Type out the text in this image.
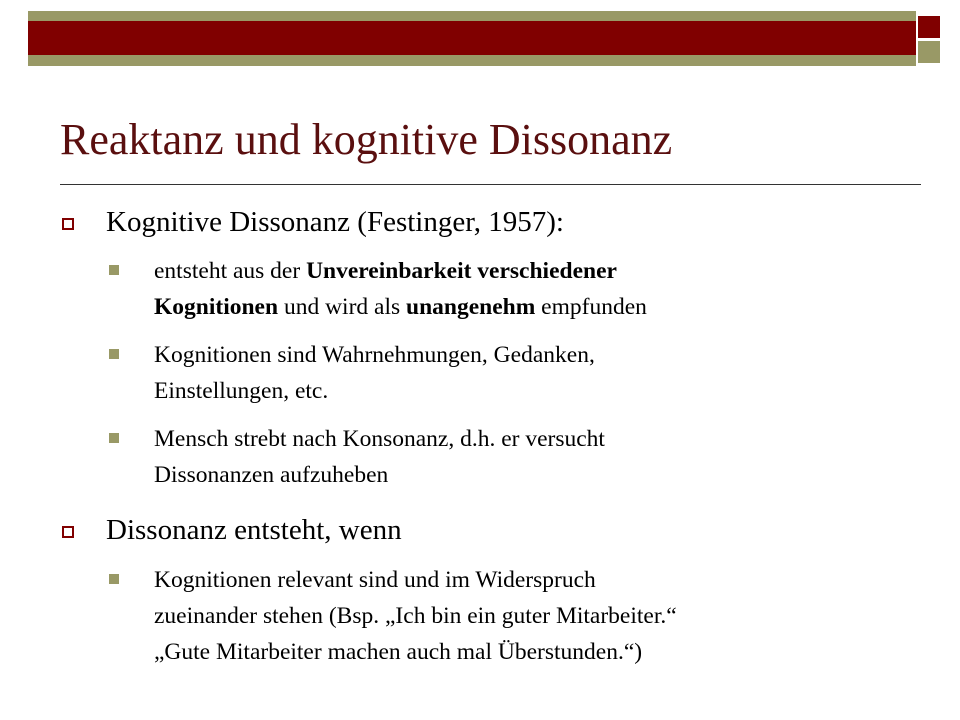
Reaktanz und kognitive Dissonanz
Kognitive Dissonanz (Festinger, 1957):
entsteht aus der Unvereinbarkeit verschiedener
Kognitionen und wird als unangenehm empfunden
Kognitionen sind Wahrnehmungen, Gedanken,
Einstellungen, etc.
Mensch strebt nach Konsonanz, d.h. er versucht
Dissonanzen aufzuheben
Dissonanz entsteht, wenn
Kognitionen relevant sind und im Widerspruch
zueinander stehen (Bsp. „Ich bin ein guter Mitarbeiter.“
„Gute Mitarbeiter machen auch mal Überstunden.“)
